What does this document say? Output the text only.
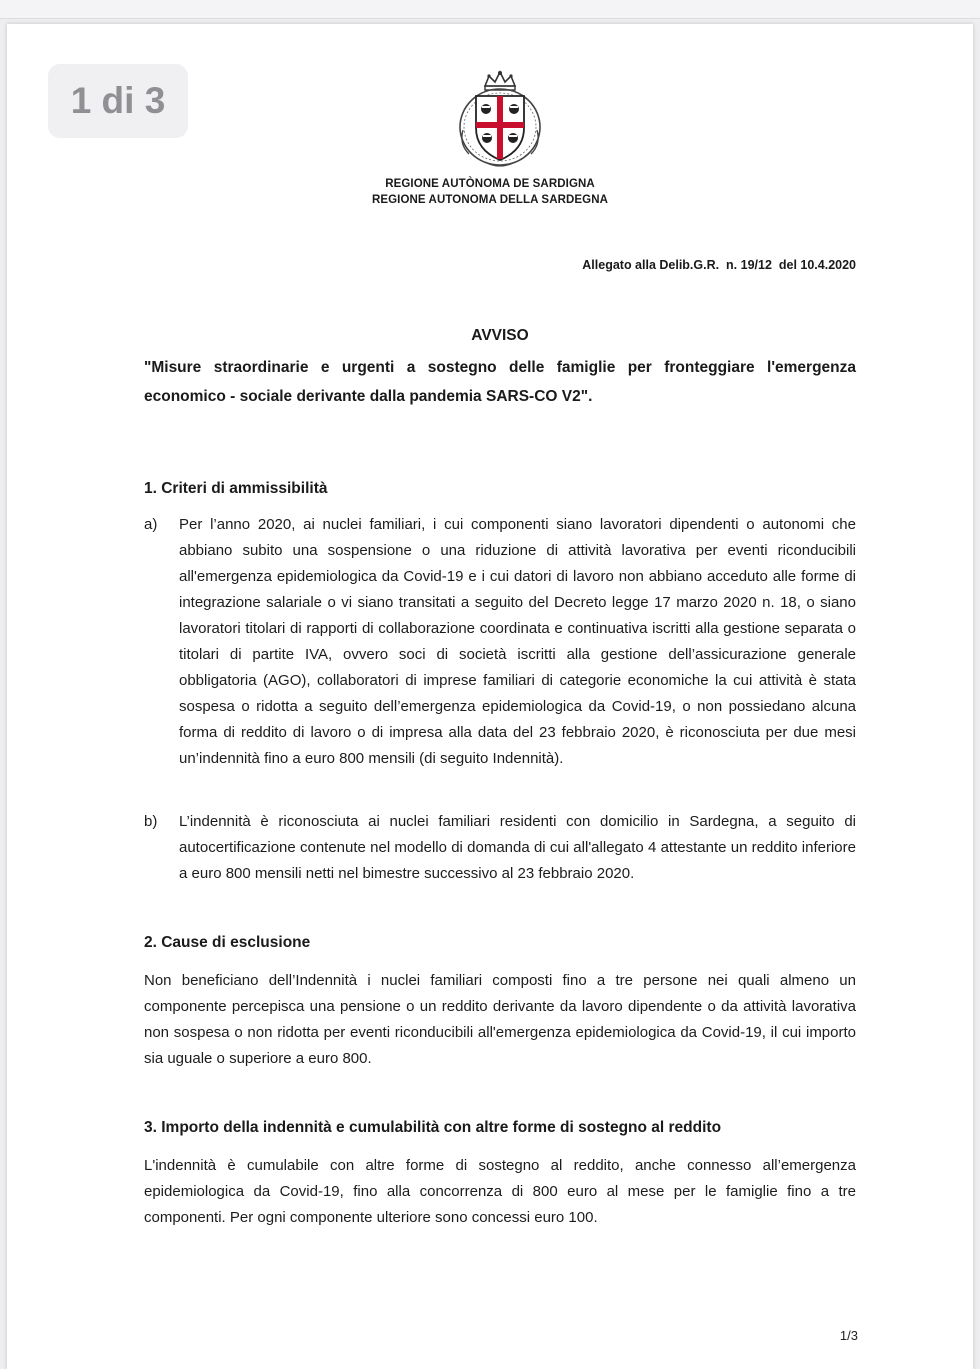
1 di 3
REGIONE AUTÒNOMA DE SARDIGNA
REGIONE AUTONOMA DELLA SARDEGNA
Allegato alla Delib.G.R.  n. 19/12  del 10.4.2020
AVVISO

"Misure straordinarie e urgenti a sostegno delle famiglie per fronteggiare l'emergenza economico - sociale derivante dalla pandemia SARS-CO V2".

1. Criteri di ammissibilità

a) Per l’anno 2020, ai nuclei familiari, i cui componenti siano lavoratori dipendenti o autonomi che abbiano subito una sospensione o una riduzione di attività lavorativa per eventi riconducibili all'emergenza epidemiologica da Covid-19 e i cui datori di lavoro non abbiano acceduto alle forme di integrazione salariale o vi siano transitati a seguito del Decreto legge 17 marzo 2020 n. 18, o siano lavoratori titolari di rapporti di collaborazione coordinata e continuativa iscritti alla gestione separata o titolari di partite IVA, ovvero soci di società iscritti alla gestione dell’assicurazione generale obbligatoria (AGO), collaboratori di imprese familiari di categorie economiche la cui attività è stata sospesa o ridotta a seguito dell’emergenza epidemiologica da Covid-19, o non possiedano alcuna forma di reddito di lavoro o di impresa alla data del 23 febbraio 2020, è riconosciuta per due mesi un’indennità fino a euro 800 mensili (di seguito Indennità).

b) L’indennità è riconosciuta ai nuclei familiari residenti con domicilio in Sardegna, a seguito di autocertificazione contenute nel modello di domanda di cui all'allegato 4 attestante un reddito inferiore a euro 800 mensili netti nel bimestre successivo al 23 febbraio 2020.

2. Cause di esclusione

Non beneficiano dell’Indennità i nuclei familiari composti fino a tre persone nei quali almeno un componente percepisca una pensione o un reddito derivante da lavoro dipendente o da attività lavorativa non sospesa o non ridotta per eventi riconducibili all'emergenza epidemiologica da Covid-19, il cui importo sia uguale o superiore a euro 800.

3. Importo della indennità e cumulabilità con altre forme di sostegno al reddito

L'indennità è cumulabile con altre forme di sostegno al reddito, anche connesso all’emergenza epidemiologica da Covid-19, fino alla concorrenza di 800 euro al mese per le famiglie fino a tre componenti. Per ogni componente ulteriore sono concessi euro 100.

1/3
